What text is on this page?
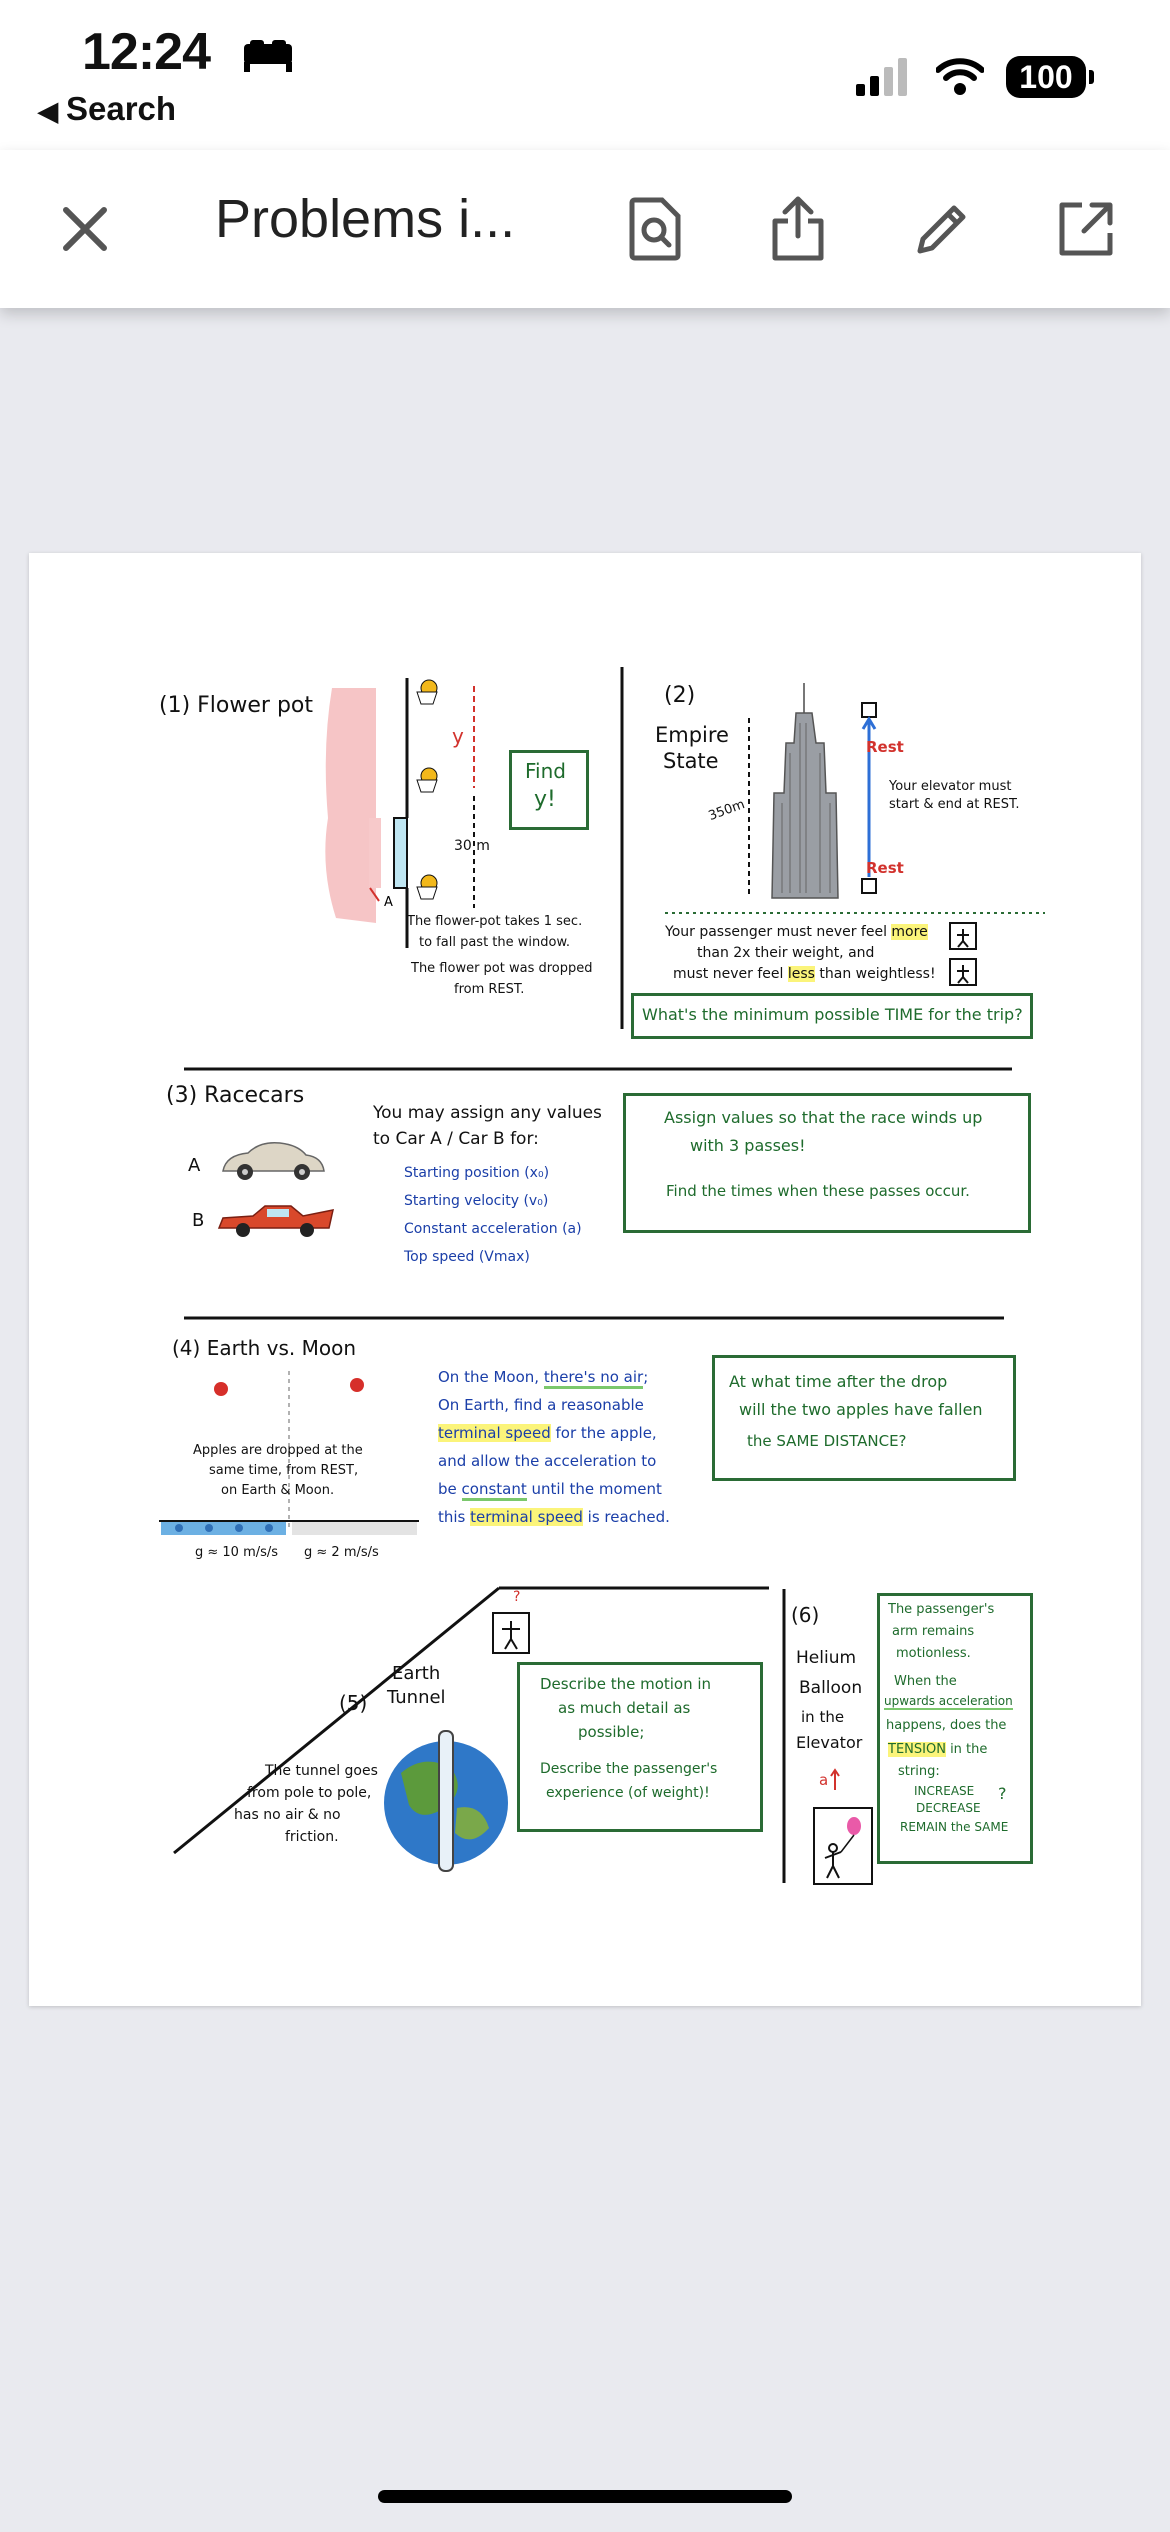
12:24
◀ Search
100
Problems i...
(1) Flower pot
A
y
30 m
Find
y!
The flower-pot takes 1 sec.
to fall past the window.
The flower pot was dropped
from REST.
(2)
Empire
State
350m
Rest
Rest
Your elevator must
start & end at REST.
Your passenger must never feel more
than 2x their weight, and
must never feel less than weightless!
What's the minimum possible TIME for the trip?
(3) Racecars
A
B
You may assign any values
to Car A / Car B for:
Starting position (x₀)
Starting velocity (v₀)
Constant acceleration (a)
Top speed (Vmax)
Assign values so that the race winds up
with 3 passes!
Find the times when these passes occur.
(4) Earth vs. Moon
Apples are dropped at the
same time, from REST,
on Earth & Moon.
g ≈ 10 m/s/s g ≈ 2 m/s/s
On the Moon, there's no air;
On Earth, find a reasonable
terminal speed for the apple,
and allow the acceleration to
be constant until the moment
this terminal speed is reached.
At what time after the drop
will the two apples have fallen
the SAME DISTANCE?
?
Earth
Tunnel
(5)
The tunnel goes
from pole to pole,
has no air & no
friction.
Describe the motion in
as much detail as
possible;
Describe the passenger's
experience (of weight)!
(6)
Helium
Balloon
in the
Elevator
a
The passenger's
arm remains
motionless.
When the
upwards acceleration
happens, does the
TENSION in the
string:
INCREASE
DECREASE
REMAIN the SAME
?
